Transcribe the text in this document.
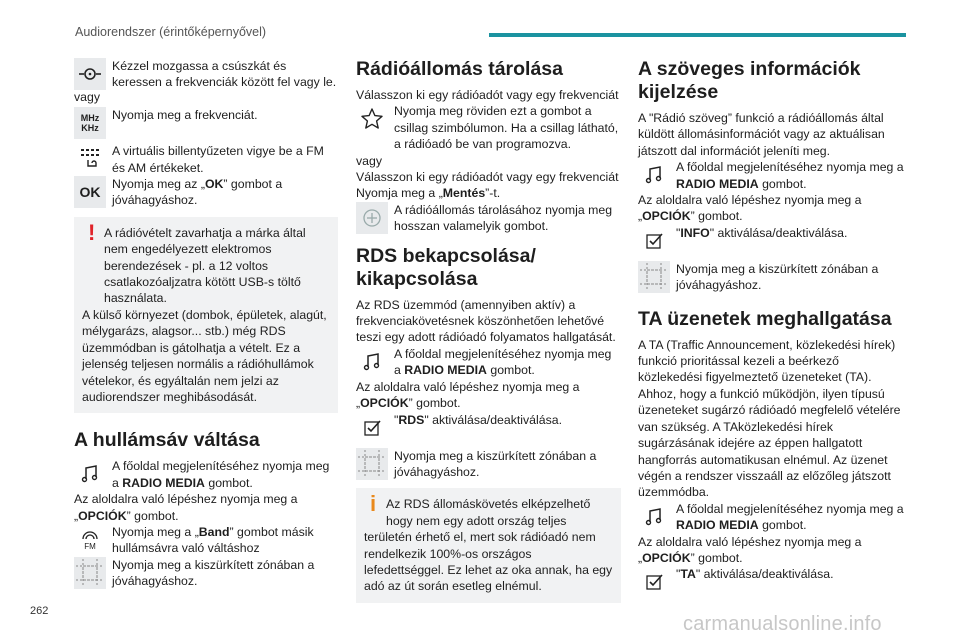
Audiorendszer (érintőképernyővel)
Kézzel mozgassa a csúszkát és keressen a frekvenciák között fel vagy le.
vagy
MHz
KHz
Nyomja meg a frekvenciát.
A virtuális billentyűzeten vigye be a FM és AM értékeket.
OK Nyomja meg az „OK” gombot a jóváhagyáshoz.
! A rádióvételt zavarhatja a márka által nem engedélyezett elektromos berendezések - pl. a 12 voltos csatlakozóaljzatra kötött USB-s töltő használata.
A külső környezet (dombok, épületek, alagút, mélygarázs, alagsor... stb.) még RDS üzemmódban is gátolhatja a vételt. Ez a jelenség teljesen normális a rádióhullámok vételekor, és egyáltalán nem jelzi az audiorendszer meghibásodását.
A hullámsáv váltása
A főoldal megjelenítéséhez nyomja meg a RADIO MEDIA gombot.
Az aloldalra való lépéshez nyomja meg a „OPCIÓK” gombot.
FM
Nyomja meg a „Band” gombot másik hullámsávra való váltáshoz
Nyomja meg a kiszürkített zónában a jóváhagyáshoz.
Rádióállomás tárolása
Válasszon ki egy rádióadót vagy egy frekvenciát
Nyomja meg röviden ezt a gombot a csillag szimbólumon. Ha a csillag látható, a rádióadó be van programozva.
vagy
Válasszon ki egy rádióadót vagy egy frekvenciát
Nyomja meg a „Mentés”-t.
A rádióállomás tárolásához nyomja meg hosszan valamelyik gombot.
RDS bekapcsolása/ kikapcsolása
Az RDS üzemmód (amennyiben aktív) a frekvenciakövetésnek köszönhetően lehetővé teszi egy adott rádióadó folyamatos hallgatását.
A főoldal megjelenítéséhez nyomja meg a RADIO MEDIA gombot.
Az aloldalra való lépéshez nyomja meg a „OPCIÓK” gombot.
"RDS" aktiválása/deaktiválása.
Nyomja meg a kiszürkített zónában a jóváhagyáshoz.
i Az RDS állomáskövetés elképzelhető hogy nem egy adott ország teljes
területén érhető el, mert sok rádióadó nem rendelkezik 100%-os országos lefedettséggel. Ez lehet az oka annak, ha egy adó az út során esetleg elnémul.
A szöveges információk kijelzése
A "Rádió szöveg” funkció a rádióállomás által küldött állomásinformációt vagy az aktuálisan játszott dal információt jeleníti meg.
A főoldal megjelenítéséhez nyomja meg a RADIO MEDIA gombot.
Az aloldalra való lépéshez nyomja meg a „OPCIÓK” gombot.
"INFO" aktiválása/deaktiválása.
Nyomja meg a kiszürkített zónában a jóváhagyáshoz.
TA üzenetek meghallgatása
A TA (Traffic Announcement, közlekedési hírek) funkció prioritással kezeli a beérkező közlekedési figyelmeztető üzeneteket (TA). Ahhoz, hogy a funkció működjön, ilyen típusú üzeneteket sugárzó rádióadó megfelelő vételére van szükség. A TAközlekedési hírek sugárzásának idejére az éppen hallgatott hangforrás automatikusan elnémul. Az üzenet végén a rendszer visszaáll az előzőleg játszott üzemmódba.
A főoldal megjelenítéséhez nyomja meg a RADIO MEDIA gombot.
Az aloldalra való lépéshez nyomja meg a „OPCIÓK” gombot.
"TA" aktiválása/deaktiválása.
262
carmanualsonline.info
